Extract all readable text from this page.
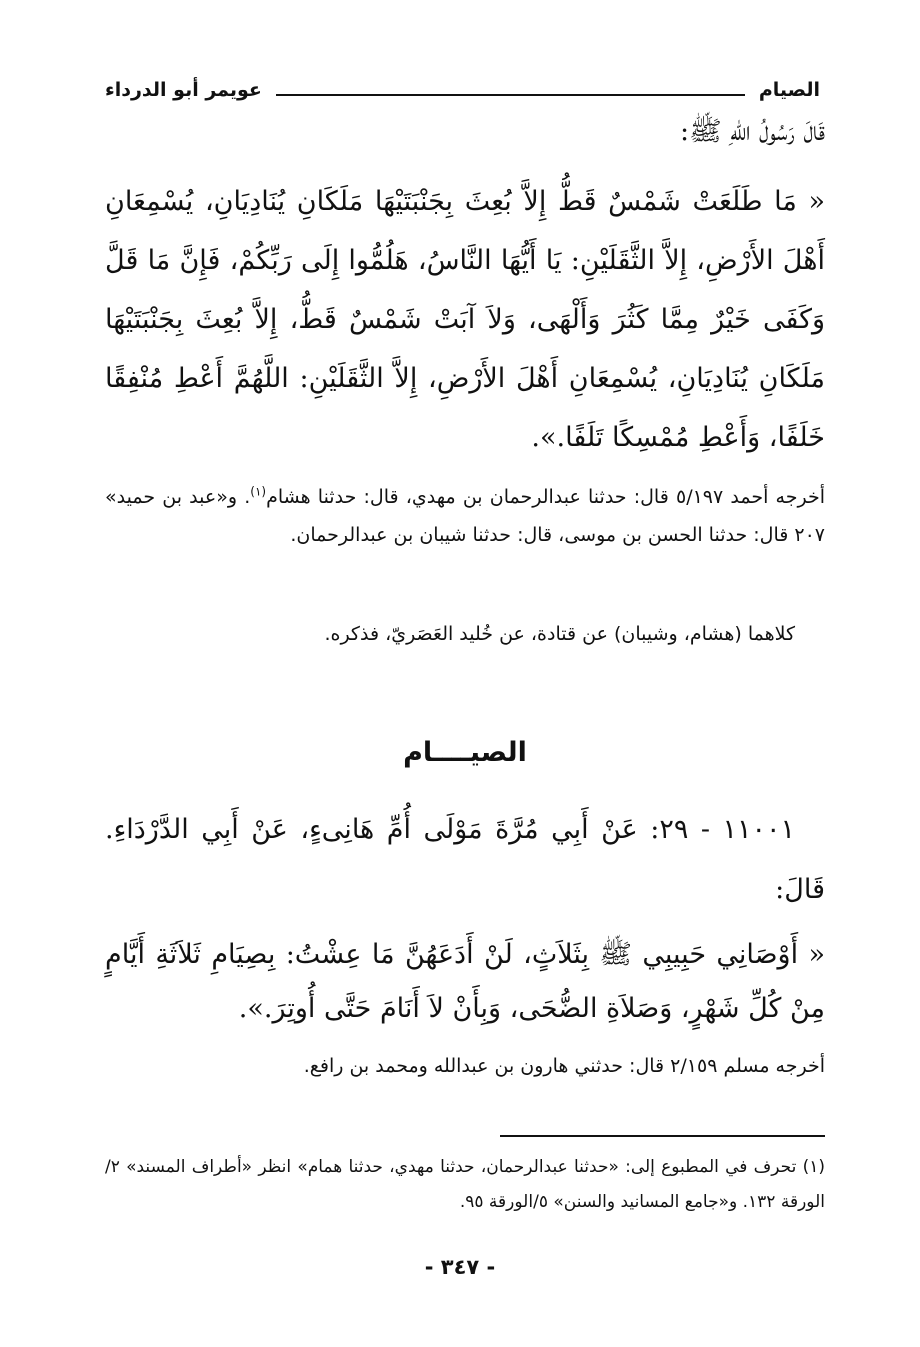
الصيام
عويمر أبو الدرداء
قَالَ رَسُولُ اللهِ ﷺ:
« مَا طَلَعَتْ شَمْسٌ قَطُّ إِلاَّ بُعِثَ بِجَنْبَتَيْهَا مَلَكَانِ يُنَادِيَانِ، يُسْمِعَانِ أَهْلَ الأَرْضِ، إِلاَّ الثَّقَلَيْنِ: يَا أَيُّهَا النَّاسُ، هَلُمُّوا إِلَى رَبِّكُمْ، فَإِنَّ مَا قَلَّ وَكَفَى خَيْرٌ مِمَّا كَثُرَ وَأَلْهَى، وَلاَ آبَتْ شَمْسٌ قَطُّ، إِلاَّ بُعِثَ بِجَنْبَتَيْهَا مَلَكَانِ يُنَادِيَانِ، يُسْمِعَانِ أَهْلَ الأَرْضِ، إِلاَّ الثَّقَلَيْنِ: اللَّهُمَّ أَعْطِ مُنْفِقًا خَلَفًا، وَأَعْطِ مُمْسِكًا تَلَفًا.».
أخرجه أحمد ٥/١٩٧ قال: حدثنا عبدالرحمان بن مهدي، قال: حدثنا هشام$^{(١)}$. و«عبد بن حميد» ٢٠٧ قال: حدثنا الحسن بن موسى، قال: حدثنا شيبان بن عبدالرحمان.
كلاهما (هشام، وشيبان) عن قتادة، عن خُليد العَصَريّ، فذكره.
الصيــــام
١١٠٠١ - ٢٩: عَنْ أَبِي مُرَّةَ مَوْلَى أُمِّ هَانِىءٍ، عَنْ أَبِي الدَّرْدَاءِ. قَالَ:
« أَوْصَانِي حَبِيبِي ﷺ بِثَلاَثٍ، لَنْ أَدَعَهُنَّ مَا عِشْتُ: بِصِيَامِ ثَلاَثَةِ أَيَّامٍ مِنْ كُلِّ شَهْرٍ، وَصَلاَةِ الضُّحَى، وَبِأَنْ لاَ أَنَامَ حَتَّى أُوتِرَ.».
أخرجه مسلم ٢/١٥٩ قال: حدثني هارون بن عبدالله ومحمد بن رافع.
(١) تحرف في المطبوع إلى: «حدثنا عبدالرحمان، حدثنا مهدي، حدثنا همام» انظر «أطراف المسند» ٢/ الورقة ١٣٢. و«جامع المسانيد والسنن» ٥/الورقة ٩٥.
- ٣٤٧ -
